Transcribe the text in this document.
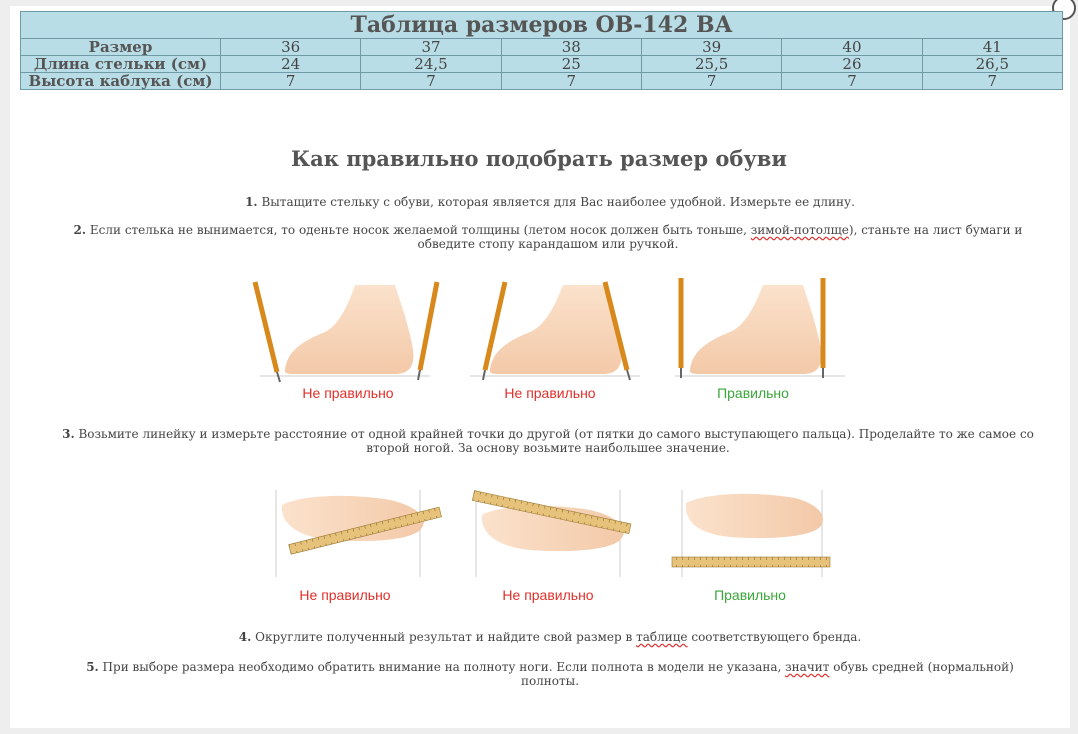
Таблица размеров ОВ-142 ВА						
Размер	36	37	38	39	40	41
Длина стельки (см)	24	24,5	25	25,5	26	26,5
Высота каблука (см)	7	7	7	7	7	7
Как правильно подобрать размер обуви
1. Вытащите стельку с обуви, которая является для Вас наиболее удобной. Измерьте ее длину.
2. Если стелька не вынимается, то оденьте носок желаемой толщины (летом носок должен быть тоньше, зимой-потолще), станьте на лист бумаги и обведите стопу карандашом или ручкой.
Не правильно	Не правильно	Правильно
3. Возьмите линейку и измерьте расстояние от одной крайней точки до другой (от пятки до самого выступающего пальца). Проделайте то же самое со второй ногой. За основу возьмите наибольшее значение.
Не правильно	Не правильно	Правильно
4. Округлите полученный результат и найдите свой размер в таблице соответствующего бренда.
5. При выборе размера необходимо обратить внимание на полноту ноги. Если полнота в модели не указана, значит обувь средней (нормальной) полноты.
